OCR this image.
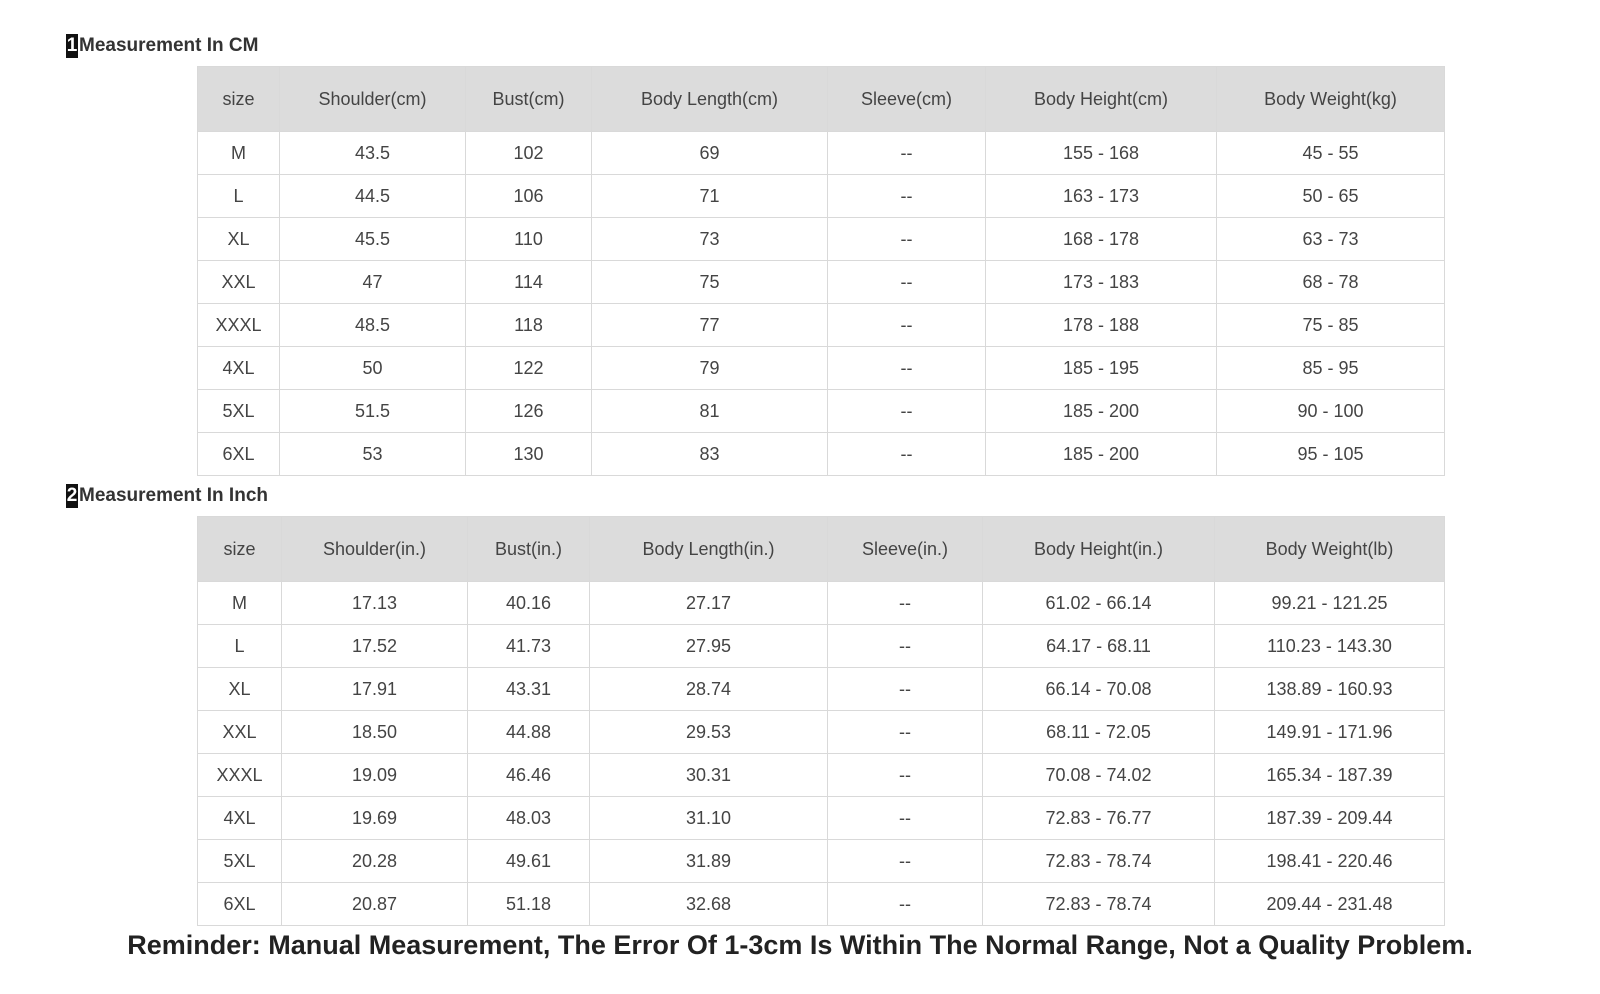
1 Measurement In CM
size	Shoulder(cm)	Bust(cm)	Body Length(cm)	Sleeve(cm)	Body Height(cm)	Body Weight(kg)
M	43.5	102	69	--	155 - 168	45 - 55
L	44.5	106	71	--	163 - 173	50 - 65
XL	45.5	110	73	--	168 - 178	63 - 73
XXL	47	114	75	--	173 - 183	68 - 78
XXXL	48.5	118	77	--	178 - 188	75 - 85
4XL	50	122	79	--	185 - 195	85 - 95
5XL	51.5	126	81	--	185 - 200	90 - 100
6XL	53	130	83	--	185 - 200	95 - 105
2 Measurement In Inch
size	Shoulder(in.)	Bust(in.)	Body Length(in.)	Sleeve(in.)	Body Height(in.)	Body Weight(lb)
M	17.13	40.16	27.17	--	61.02 - 66.14	99.21 - 121.25
L	17.52	41.73	27.95	--	64.17 - 68.11	110.23 - 143.30
XL	17.91	43.31	28.74	--	66.14 - 70.08	138.89 - 160.93
XXL	18.50	44.88	29.53	--	68.11 - 72.05	149.91 - 171.96
XXXL	19.09	46.46	30.31	--	70.08 - 74.02	165.34 - 187.39
4XL	19.69	48.03	31.10	--	72.83 - 76.77	187.39 - 209.44
5XL	20.28	49.61	31.89	--	72.83 - 78.74	198.41 - 220.46
6XL	20.87	51.18	32.68	--	72.83 - 78.74	209.44 - 231.48
Reminder: Manual Measurement, The Error Of 1-3cm Is Within The Normal Range, Not a Quality Problem.
